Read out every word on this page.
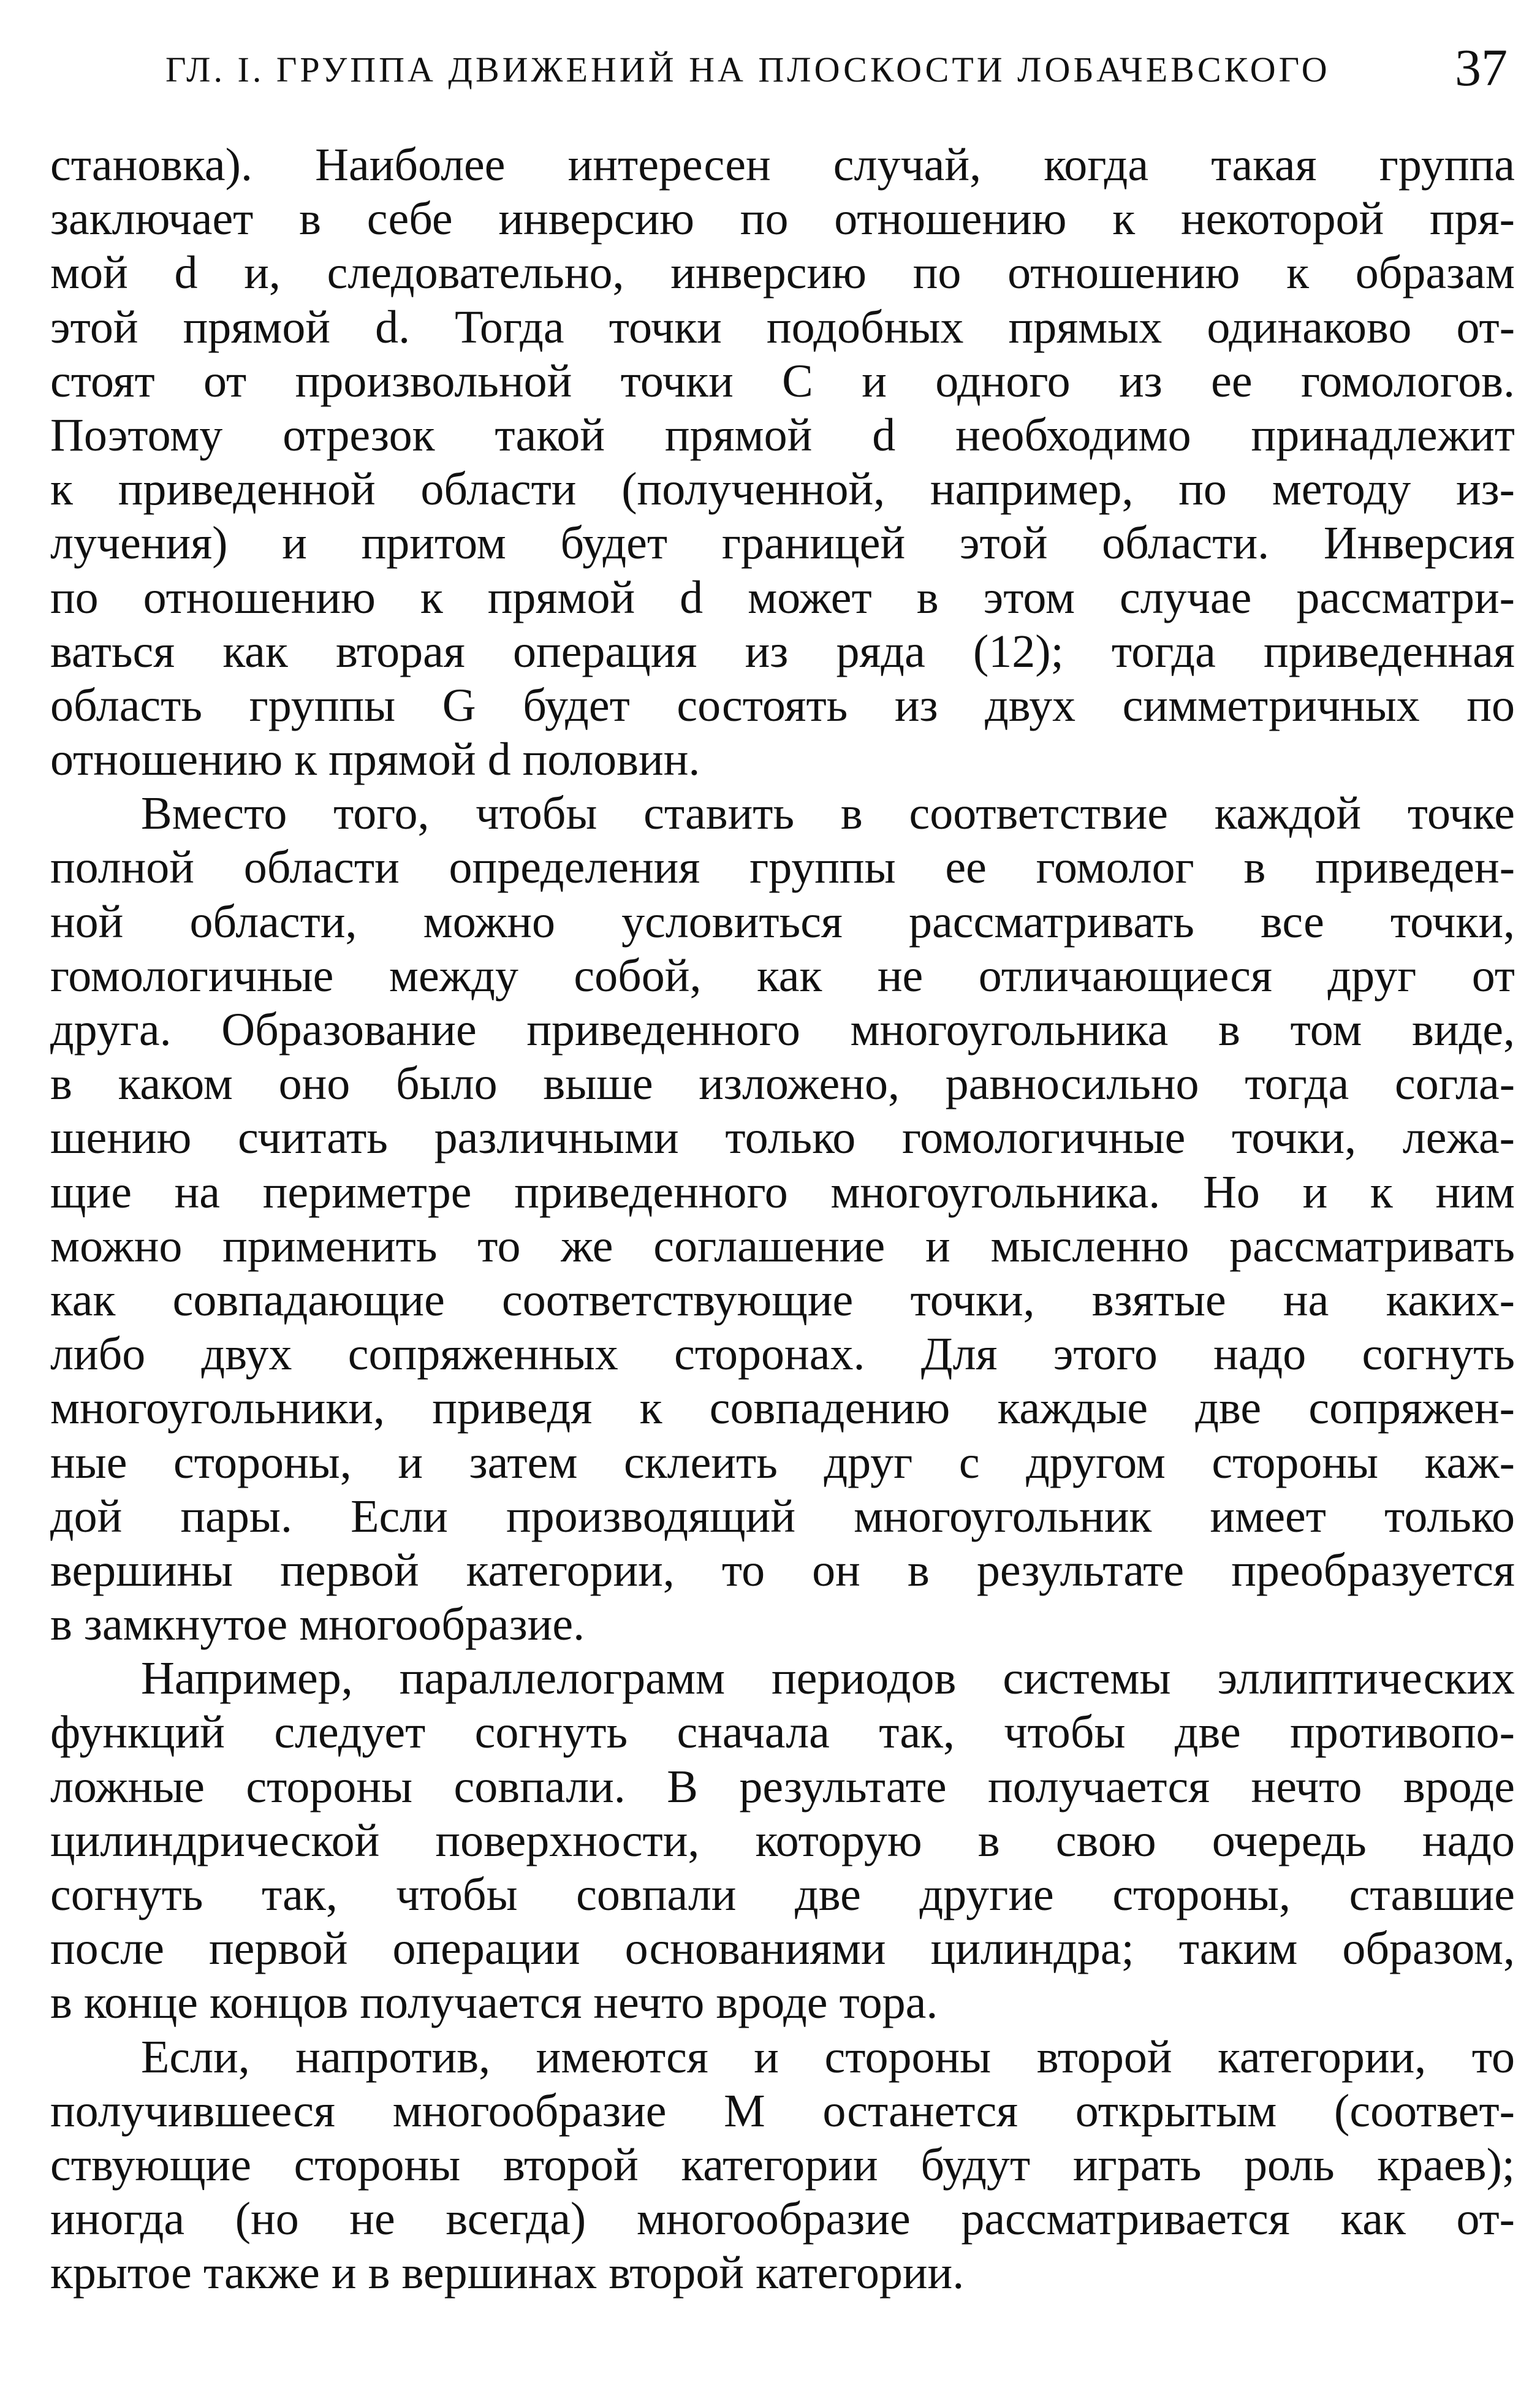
ГЛ. I. ГРУППА ДВИЖЕНИЙ НА ПЛОСКОСТИ ЛОБАЧЕВСКОГО 37
становка). Наиболее интересен случай, когда такая группа
заключает в себе инверсию по отношению к некоторой пря-
мой d и, следовательно, инверсию по отношению к образам
этой прямой d. Тогда точки подобных прямых одинаково от-
стоят от произвольной точки C и одного из ее гомологов.
Поэтому отрезок такой прямой d необходимо принадлежит
к приведенной области (полученной, например, по методу из-
лучения) и притом будет границей этой области. Инверсия
по отношению к прямой d может в этом случае рассматри-
ваться как вторая операция из ряда (12); тогда приведенная
область группы G будет состоять из двух симметричных по
отношению к прямой d половин.
Вместо того, чтобы ставить в соответствие каждой точке
полной области определения группы ее гомолог в приведен-
ной области, можно условиться рассматривать все точки,
гомологичные между собой, как не отличающиеся друг от
друга. Образование приведенного многоугольника в том виде,
в каком оно было выше изложено, равносильно тогда согла-
шению считать различными только гомологичные точки, лежа-
щие на периметре приведенного многоугольника. Но и к ним
можно применить то же соглашение и мысленно рассматривать
как совпадающие соответствующие точки, взятые на каких-
либо двух сопряженных сторонах. Для этого надо согнуть
многоугольники, приведя к совпадению каждые две сопряжен-
ные стороны, и затем склеить друг с другом стороны каж-
дой пары. Если производящий многоугольник имеет только
вершины первой категории, то он в результате преобразуется
в замкнутое многообразие.
Например, параллелограмм периодов системы эллиптических
функций следует согнуть сначала так, чтобы две противопо-
ложные стороны совпали. В результате получается нечто вроде
цилиндрической поверхности, которую в свою очередь надо
согнуть так, чтобы совпали две другие стороны, ставшие
после первой операции основаниями цилиндра; таким образом,
в конце концов получается нечто вроде тора.
Если, напротив, имеются и стороны второй категории, то
получившееся многообразие M останется открытым (соответ-
ствующие стороны второй категории будут играть роль краев);
иногда (но не всегда) многообразие рассматривается как от-
крытое также и в вершинах второй категории.
